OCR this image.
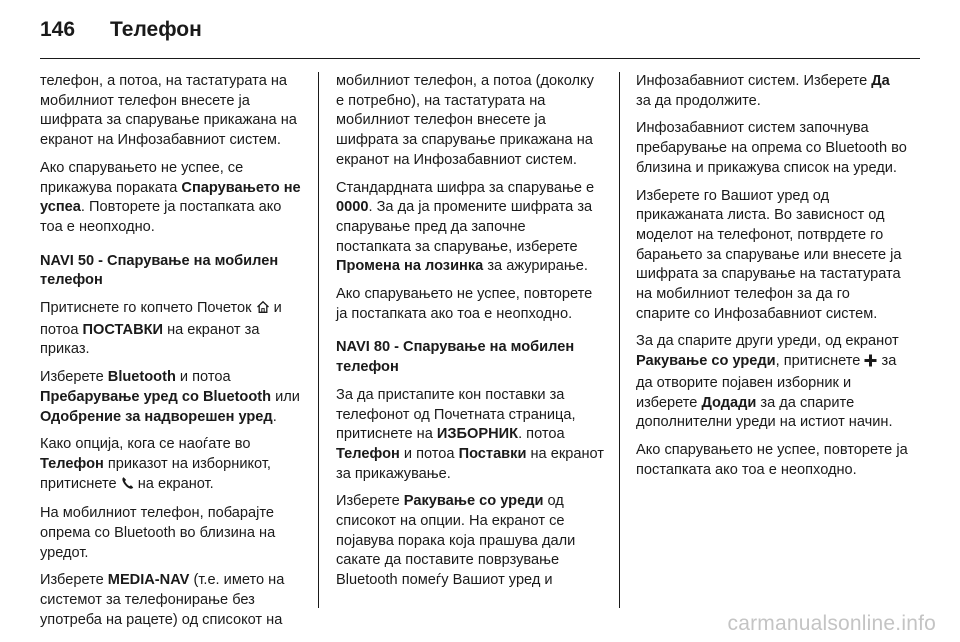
146	Телефон

телефон, а потоа, на тастатурата на мобилниот телефон внесете ја шифрата за спарување прикажана на екранот на Инфозабавниот систем.

Ако спарувањето не успее, се прикажува пораката Спарувањето не успеа. Повторете ја постапката ако тоа е неопходно.

NAVI 50 - Спарување на мобилен телефон

Притиснете го копчето Почеток  и потоа ПОСТАВКИ на екранот за приказ.

Изберете Bluetooth и потоа Пребарување уред со Bluetooth или Одобрение за надворешен уред.

Како опција, кога се наоѓате во Телефон приказот на изборникот, притиснете  на екранот.

На мобилниот телефон, побарајте опрема со Bluetooth во близина на уредот.

Изберете MEDIA-NAV (т.е. името на системот за телефонирање без употреба на рацете) од списокот на

мобилниот телефон, а потоа (доколку е потребно), на тастатурата на мобилниот телефон внесете ја шифрата за спарување прикажана на екранот на Инфозабавниот систем.

Стандардната шифра за спарување е 0000. За да ја промените шифрата за спарување пред да започне постапката за спарување, изберете Промена на лозинка за ажурирање.

Ако спарувањето не успее, повторете ја постапката ако тоа е неопходно.

NAVI 80 - Спарување на мобилен телефон

За да пристапите кон поставки за телефонот од Почетната страница, притиснете на ИЗБОРНИК. потоа Телефон и потоа Поставки на екранот за прикажување.

Изберете Ракување со уреди од списокот на опции. На екранот се појавува порака која прашува дали сакате да поставите поврзување Bluetooth помеѓу Вашиот уред и

Инфозабавниот систем. Изберете Да за да продолжите.

Инфозабавниот систем започнува пребарување на опрема со Bluetooth во близина и прикажува список на уреди.

Изберете го Вашиот уред од прикажаната листа. Во зависност од моделот на телефонот, потврдете го барањето за спарување или внесете ја шифрата за спарување на тастатурата на мобилниот телефон за да го спарите со Инфозабавниот систем.

За да спарите други уреди, од екранот Ракување со уреди, притиснете  за да отворите појавен изборник и изберете Додади за да спарите дополнителни уреди на истиот начин.

Ако спарувањето не успее, повторете ја постапката ако тоа е неопходно.

carmanualsonline.info
